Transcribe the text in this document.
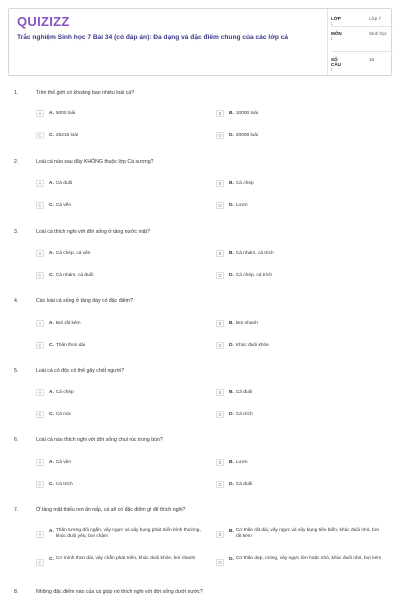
QUIZIZZ
Trắc nghiệm Sinh học 7 Bài 34 (có đáp án): Đa dạng và đặc điểm chung của các lớp cá
LỚP :
Lớp 7
MÔN :
Sinh học
SỐ CÂU :
18
1.	Trên thế giới có khoảng bao nhiêu loài cá?
A	A. 5000 loài	B	B. 10000 loài
C	C. 25415 loài	D	D. 20000 loài
2.	Loài cá nào sau đây KHÔNG thuộc lớp Cá xương?
A	A. Cá đuối	B	B. Cá chép
C	C. Cá vền	D	D. Lươn
3.	Loài cá thích nghi với đời sống ở tầng nước mặt?
A	A. Cá chép, cá vện	B	B. Cá nhám, cá trích
C	C. Cá nhám, cá đuối	D	D. Cá chép, cá trích
4.	Các loài cá sống ở tầng đáy có đặc điểm?
A	A. Bơi rất kém	B	B. Bơi nhanh
C	C. Thân thon dài	D	D. Khúc đuôi khỏe
5.	Loài cá có độc có thể gây chết người?
A	A. Cá chép	B	B. Cá đuối
C	C. Cá nóc	D	D. Cá trích
6.	Loài cá nào thích nghi với đời sống chui rúc trong bùn?
A	A. Cá vện	B	B. Lươn
C	C. Cá trích	D	D. Cá đuối
7.	Ở tầng mặt thiếu nơi ẩn nấp, cá sẽ có đặc điểm gì để thích nghi?
A
A. Thân tương đối ngắn, vây ngực và vây bụng phát triển bình thường, khúc đuôi yếu, bơi chậm	B
B. Cơ thân rất dài, vây ngực và vây bụng tiêu biến, khúc đuôi nhỏ, bơi rất kém
C
C. Cơ mình thon dài, vây chẵn phát triển, khúc đuôi khỏe, bơi nhanh
D
D. Cơ thân dẹp, mỏng, vây ngực lớn hoặc nhỏ, khúc đuôi nhỏ, bơi kém
8.	Những đặc điểm nào của cá giúp nó thích nghi với đời sống dưới nước?
